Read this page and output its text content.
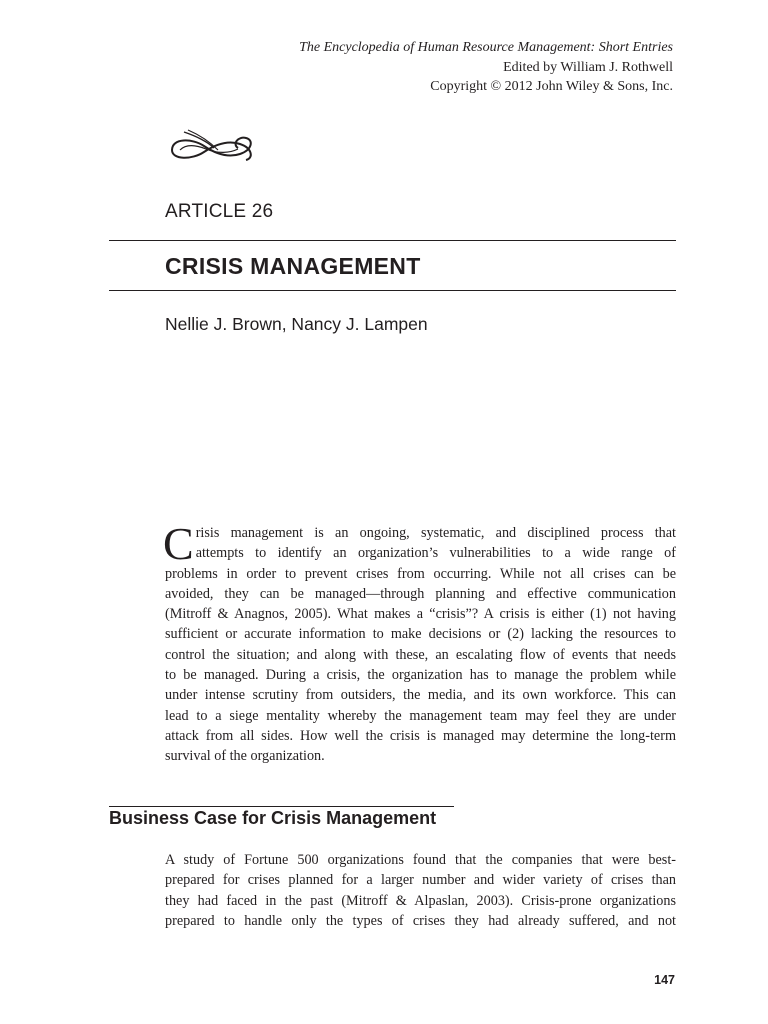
The Encyclopedia of Human Resource Management: Short Entries
Edited by William J. Rothwell
Copyright © 2012 John Wiley & Sons, Inc.
ARTICLE 26
CRISIS MANAGEMENT
Nellie J. Brown, Nancy J. Lampen
C risis management is an ongoing, systematic, and disciplined process that
attempts to identify an organization’s vulnerabilities to a wide range of
problems in order to prevent crises from occurring. While not all crises can be
avoided, they can be managed—through planning and effective communication
(Mitroff & Anagnos, 2005). What makes a “crisis”? A crisis is either (1) not having
sufficient or accurate information to make decisions or (2) lacking the resources to
control the situation; and along with these, an escalating flow of events that needs
to be managed. During a crisis, the organization has to manage the problem while
under intense scrutiny from outsiders, the media, and its own workforce. This can
lead to a siege mentality whereby the management team may feel they are under
attack from all sides. How well the crisis is managed may determine the long-term
survival of the organization.
Business Case for Crisis Management
A study of Fortune 500 organizations found that the companies that were best-
prepared for crises planned for a larger number and wider variety of crises than
they had faced in the past (Mitroff & Alpaslan, 2003). Crisis-prone organizations
prepared to handle only the types of crises they had already suffered, and not
147
